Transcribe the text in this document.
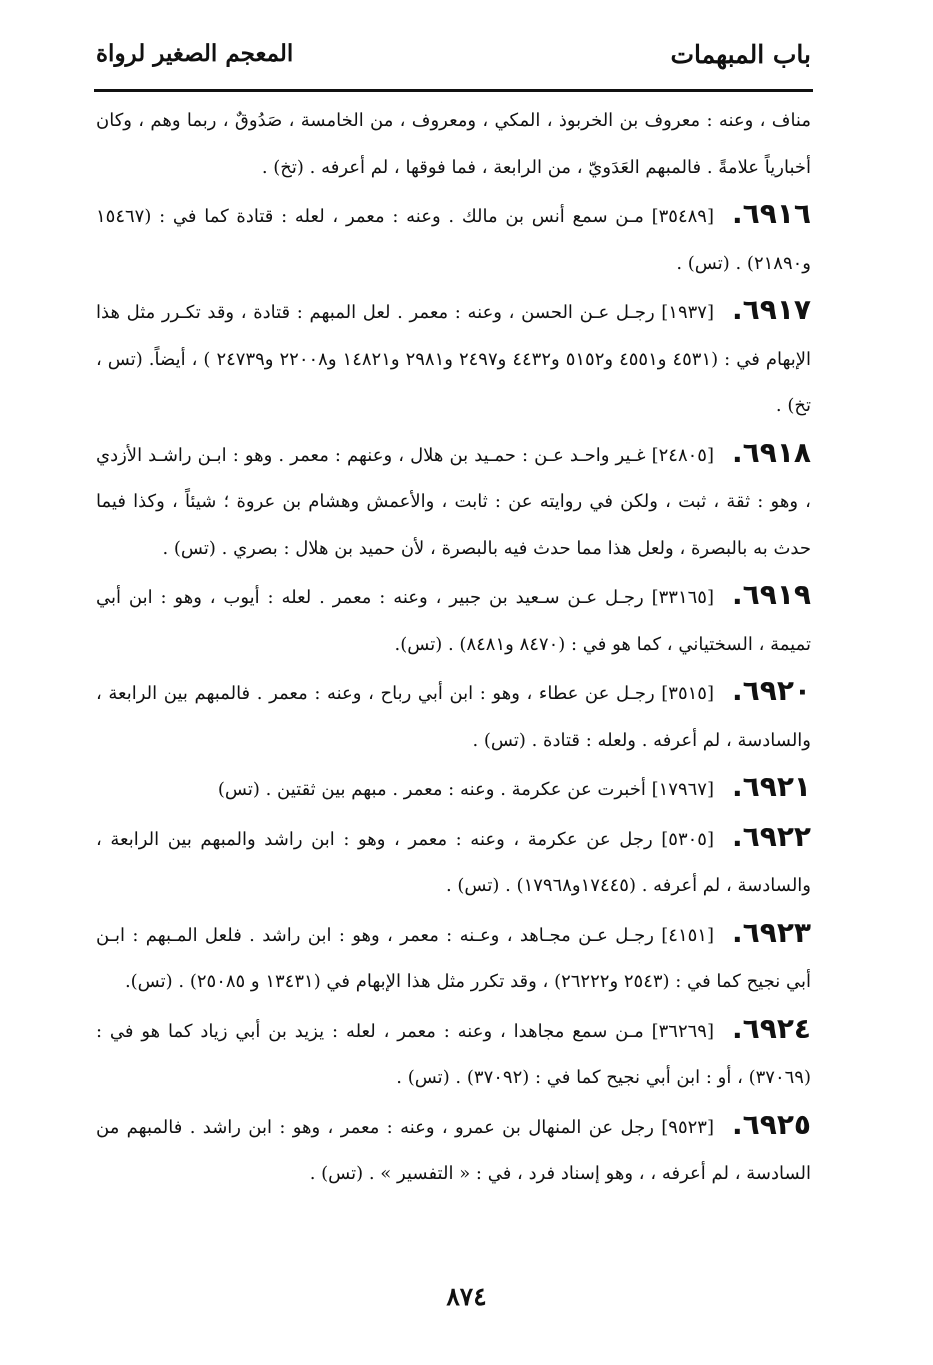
باب المبهمات
المعجم الصغير لرواة

مناف ، وعنه : معروف بن الخربوذ ، المكي ، ومعروف ، من الخامسة ، صَدُوقٌ ، ربما وهم ، وكان أخبارياً علامةً . فالمبهم العَدَويّ ، من الرابعة ، فما فوقها ، لم أعرفه . (تخ) .

٦٩١٦.[٣٥٤٨٩] مـن سمع أنس بن مالك . وعنه : معمر ، لعله : قتادة كما في : (١٥٤٦٧ و٢١٨٩٠) . (تس) .

٦٩١٧.[١٩٣٧] رجـل عـن الحسن ، وعنه : معمر . لعل المبهم : قتادة ، وقد تكـرر مثل هذا الإبهام في : (٤٥٣١ و٤٥٥١ و٥١٥٢ و٤٤٣٢ و٢٤٩٧ و٢٩٨١ و١٤٨٢١ و٢٢٠٠٨ و٢٤٧٣٩ ) ، أيضاً. (تس ، تخ) .

٦٩١٨.[٢٤٨٠٥] غـير واحـد عـن : حمـيد بن هلال ، وعنهم : معمر . وهو : ابـن راشـد الأزدي ، وهو : ثقة ، ثبت ، ولكن في روايته عن : ثابت ، والأعمش وهشام بن عروة ؛ شيئاً ، وكذا فيما حدث به بالبصرة ، ولعل هذا مما حدث فيه بالبصرة ، لأن حميد بن هلال : بصري . (تس) .

٦٩١٩.[٣٣١٦٥] رجـل عـن سـعيد بن جبير ، وعنه : معمر . لعله : أيوب ، وهو : ابن أبي تميمة ، السختياني ، كما هو في : (٨٤٧٠ و٨٤٨١) . (تس).

٦٩٢٠.[٣٥١٥] رجـل عن عطاء ، وهو : ابن أبي رباح ، وعنه : معمر . فالمبهم بين الرابعة ، والسادسة ، لم أعرفه . ولعله : قتادة . (تس) .

٦٩٢١.[١٧٩٦٧] أخبرت عن عكرمة . وعنه : معمر . مبهم بين ثقتين . (تس)

٦٩٢٢.[٥٣٠٥] رجل عن عكرمة ، وعنه : معمر ، وهو : ابن راشد والمبهم بين الرابعة ، والسادسة ، لم أعرفه . (١٧٤٤٥و١٧٩٦٨) . (تس) .

٦٩٢٣.[٤١٥١] رجـل عـن مجـاهد ، وعـنه : معمر ، وهو : ابن راشد . فلعل المـبهم : ابـن أبي نجيح كما في : (٢٥٤٣ و٢٦٢٢٢) ، وقد تكرر مثل هذا الإبهام في (١٣٤٣١ و ٢٥٠٨٥) . (تس).

٦٩٢٤.[٣٦٢٦٩] مـن سمع مجاهدا ، وعنه : معمر ، لعله : يزيد بن أبي زياد كما هو في : (٣٧٠٦٩) ، أو : ابن أبي نجيح كما في : (٣٧٠٩٢) . (تس) .

٦٩٢٥.[٩٥٢٣] رجل عن المنهال بن عمرو ، وعنه : معمر ، وهو : ابن راشد . فالمبهم من السادسة ، لم أعرفه ، ، وهو إسناد فرد ، في : « التفسير » . (تس) .

٨٧٤
